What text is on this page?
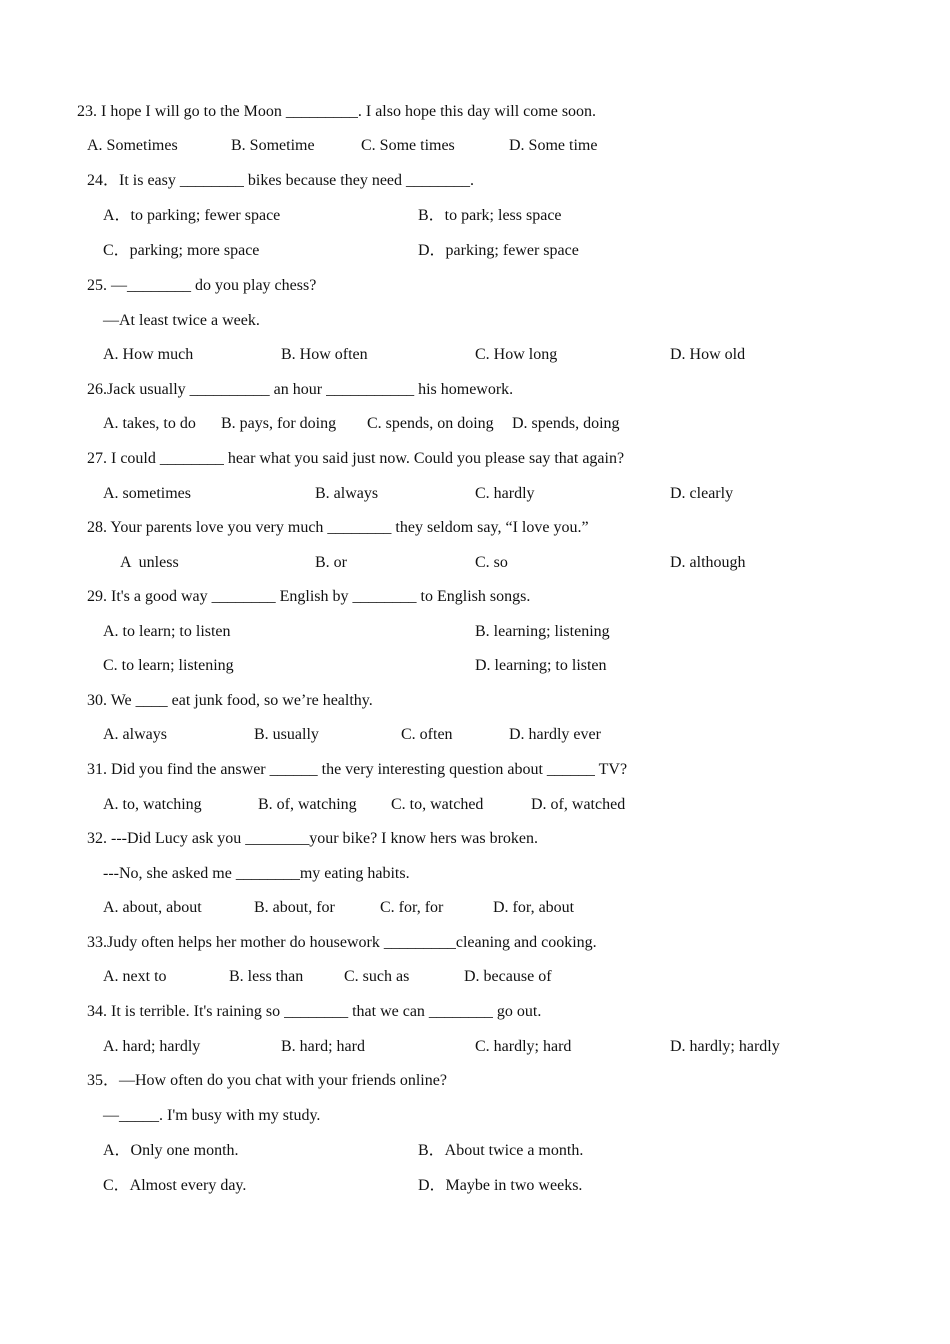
23. I hope I will go to the Moon _________. I also hope this day will come soon.
A. Sometimes	B. Sometime	C. Some times	D. Some time
24．It is easy ________ bikes because they need ________.
A．to parking; fewer space	B．to park; less space
C．parking; more space	D．parking; fewer space
25. —________ do you play chess?
—At least twice a week.
A. How much	B. How often	C. How long	D. How old
26.Jack usually __________ an hour ___________ his homework.
A. takes, to do B. pays, for doing C. spends, on doing D. spends, doing
27. I could ________ hear what you said just now. Could you please say that again?
A. sometimes	B. always	C. hardly	D. clearly
28. Your parents love you very much ________ they seldom say, “I love you.”
A  unless	B. or	C. so	D. although
29. It's a good way ________ English by ________ to English songs.
A. to learn; to listen	B. learning; listening
C. to learn; listening	D. learning; to listen
30. We ____ eat junk food, so we’re healthy.
A. always	B. usually	C. often	D. hardly ever
31. Did you find the answer ______ the very interesting question about ______ TV?
A. to, watching	B. of, watching C. to, watched	D. of, watched
32. ---Did Lucy ask you ________your bike? I know hers was broken.
---No, she asked me ________my eating habits.
A. about, about	B. about, for	C. for, for	D. for, about
33.Judy often helps her mother do housework _________cleaning and cooking.
A. next to	B. less than	C. such as	D. because of
34. It is terrible. It's raining so ________ that we can ________ go out.
A. hard; hardly	B. hard; hard	C. hardly; hard	D. hardly; hardly
35．—How often do you chat with your friends online?
—_____. I'm busy with my study.
A．Only one month.	B．About twice a month.
C．Almost every day.	D．Maybe in two weeks.
